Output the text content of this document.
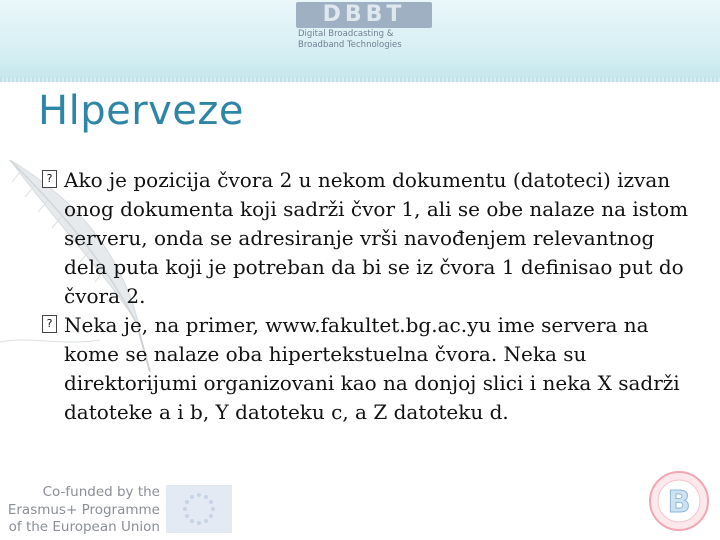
DBBT
Digital Broadcasting &
Broadband Technologies
Hlperveze

? Ako je pozicija čvora 2 u nekom dokumentu (datoteci) izvan onog dokumenta koji sadrži čvor 1, ali se obe nalaze na istom serveru, onda se adresiranje vrši navođenjem relevantnog dela puta koji je potreban da bi se iz čvora 1 definisao put do čvora 2.

? Neka je, na primer, www.fakultet.bg.ac.yu ime servera na kome se nalaze oba hipertekstuelna čvora. Neka su direktorijumi organizovani kao na donjoj slici i neka X sadrži datoteke a i b, Y datoteku c, a Z datoteku d.

Co-funded by the
Erasmus+ Programme
of the European Union
B
